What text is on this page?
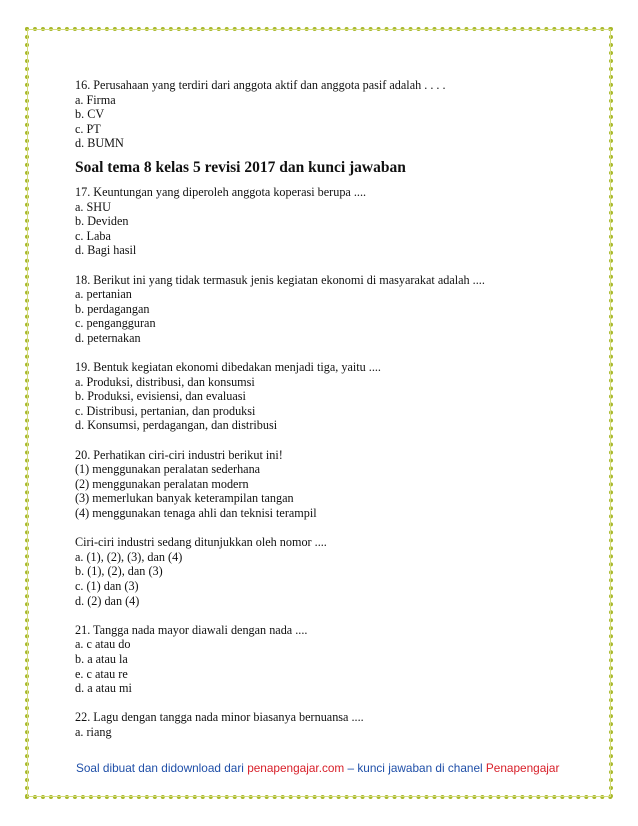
16. Perusahaan yang terdiri dari anggota aktif dan anggota pasif adalah . . . .
a. Firma
b. CV
c. PT
d. BUMN
Soal tema 8 kelas 5 revisi 2017 dan kunci jawaban
17. Keuntungan yang diperoleh anggota koperasi berupa ....
a. SHU
b. Deviden
c. Laba
d. Bagi hasil
18. Berikut ini yang tidak termasuk jenis kegiatan ekonomi di masyarakat adalah ....
a. pertanian
b. perdagangan
c. pengangguran
d. peternakan
19. Bentuk kegiatan ekonomi dibedakan menjadi tiga, yaitu ....
a. Produksi, distribusi, dan konsumsi
b. Produksi, evisiensi, dan evaluasi
c. Distribusi, pertanian, dan produksi
d. Konsumsi, perdagangan, dan distribusi
20. Perhatikan ciri-ciri industri berikut ini!
(1) menggunakan peralatan sederhana
(2) menggunakan peralatan modern
(3) memerlukan banyak keterampilan tangan
(4) menggunakan tenaga ahli dan teknisi terampil
Ciri-ciri industri sedang ditunjukkan oleh nomor ....
a. (1), (2), (3), dan (4)
b. (1), (2), dan (3)
c. (1) dan (3)
d. (2) dan (4)
21. Tangga nada mayor diawali dengan nada ....
a. c atau do
b. a atau la
e. c atau re
d. a atau mi
22. Lagu dengan tangga nada minor biasanya bernuansa ....
a. riang
Soal dibuat dan didownload dari penapengajar.com – kunci jawaban di chanel Penapengajar
